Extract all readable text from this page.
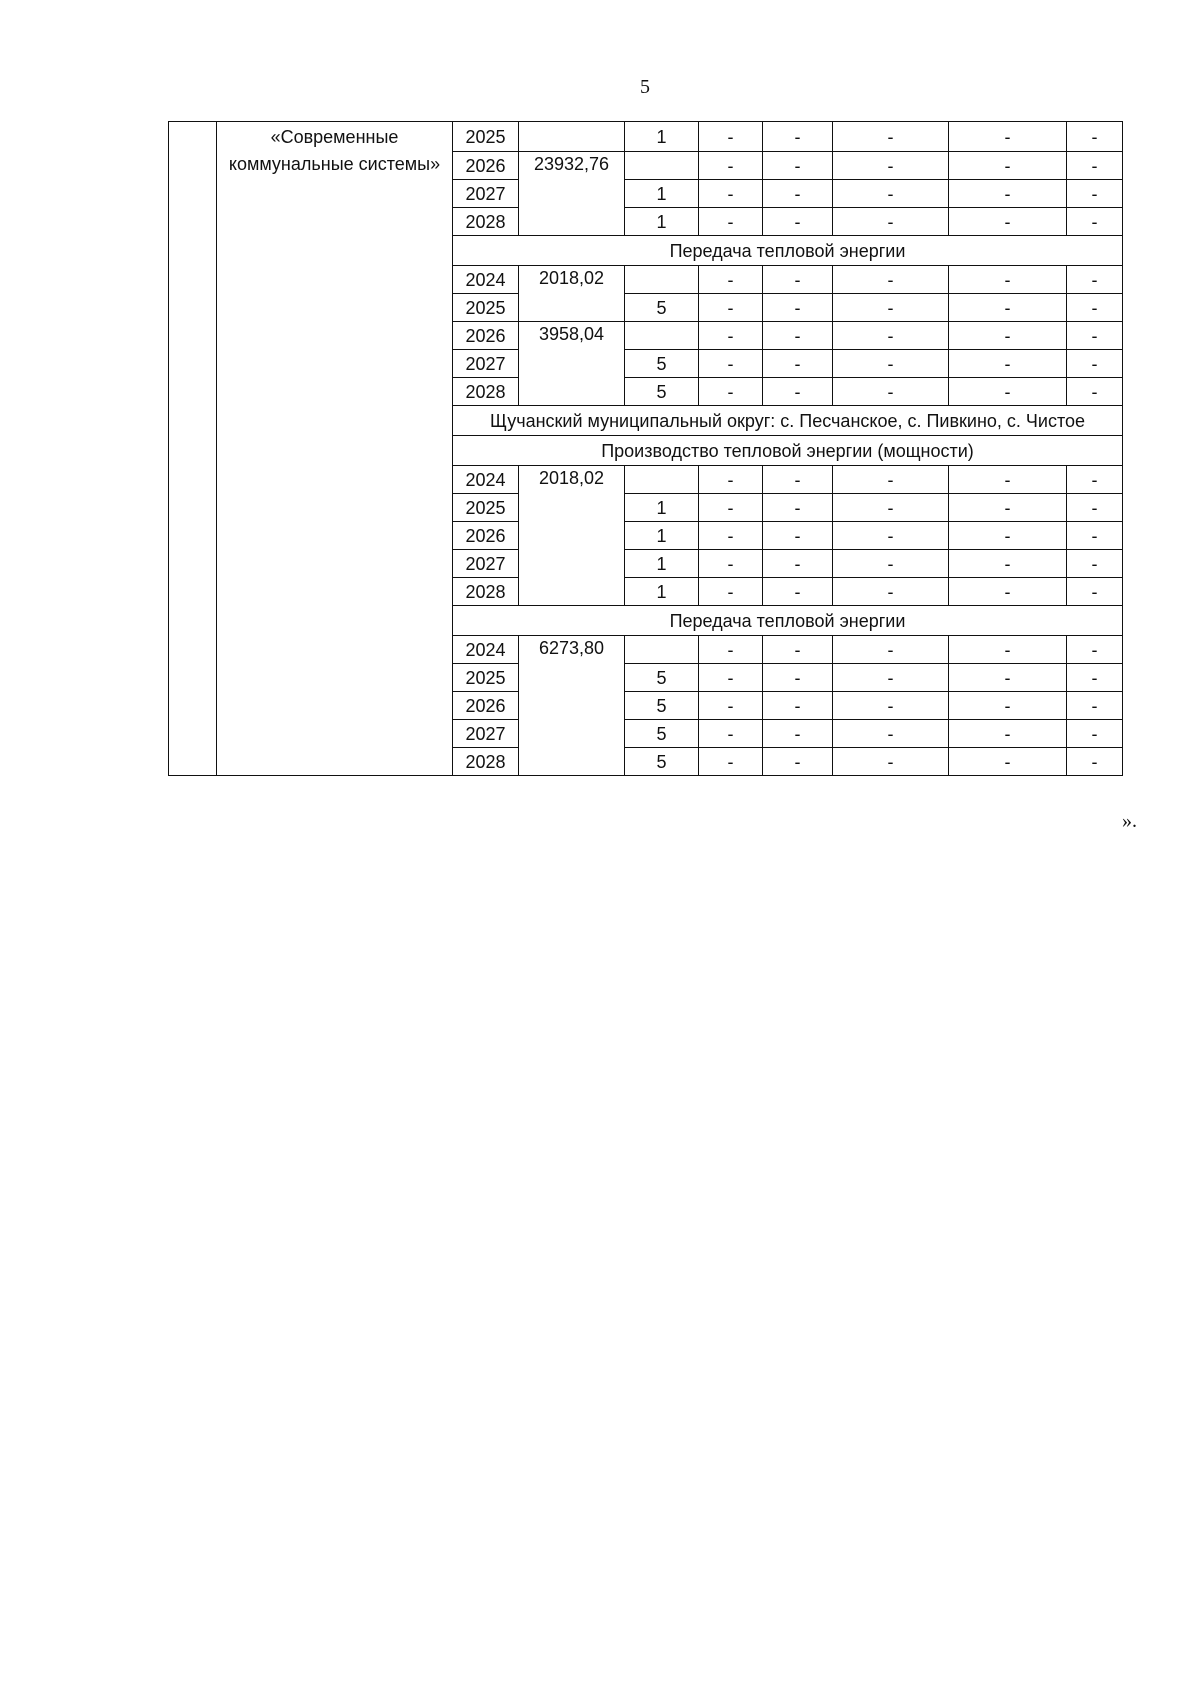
5
	«Современные коммунальные системы»	2025		1	-	-	-	-	-
		2026	23932,76		-	-	-	-	-
		2027		1	-	-	-	-	-
		2028		1	-	-	-	-	-
		Передача тепловой энергии							
		2024	2018,02		-	-	-	-	-
		2025		5	-	-	-	-	-
		2026	3958,04		-	-	-	-	-
		2027		5	-	-	-	-	-
		2028		5	-	-	-	-	-
		Щучанский муниципальный округ: с. Песчанское, с. Пивкино, с. Чистое							
		Производство тепловой энергии (мощности)							
		2024	2018,02		-	-	-	-	-
		2025		1	-	-	-	-	-
		2026		1	-	-	-	-	-
		2027		1	-	-	-	-	-
		2028		1	-	-	-	-	-
		Передача тепловой энергии							
		2024	6273,80		-	-	-	-	-
		2025		5	-	-	-	-	-
		2026		5	-	-	-	-	-
		2027		5	-	-	-	-	-
		2028		5	-	-	-	-	-
».
